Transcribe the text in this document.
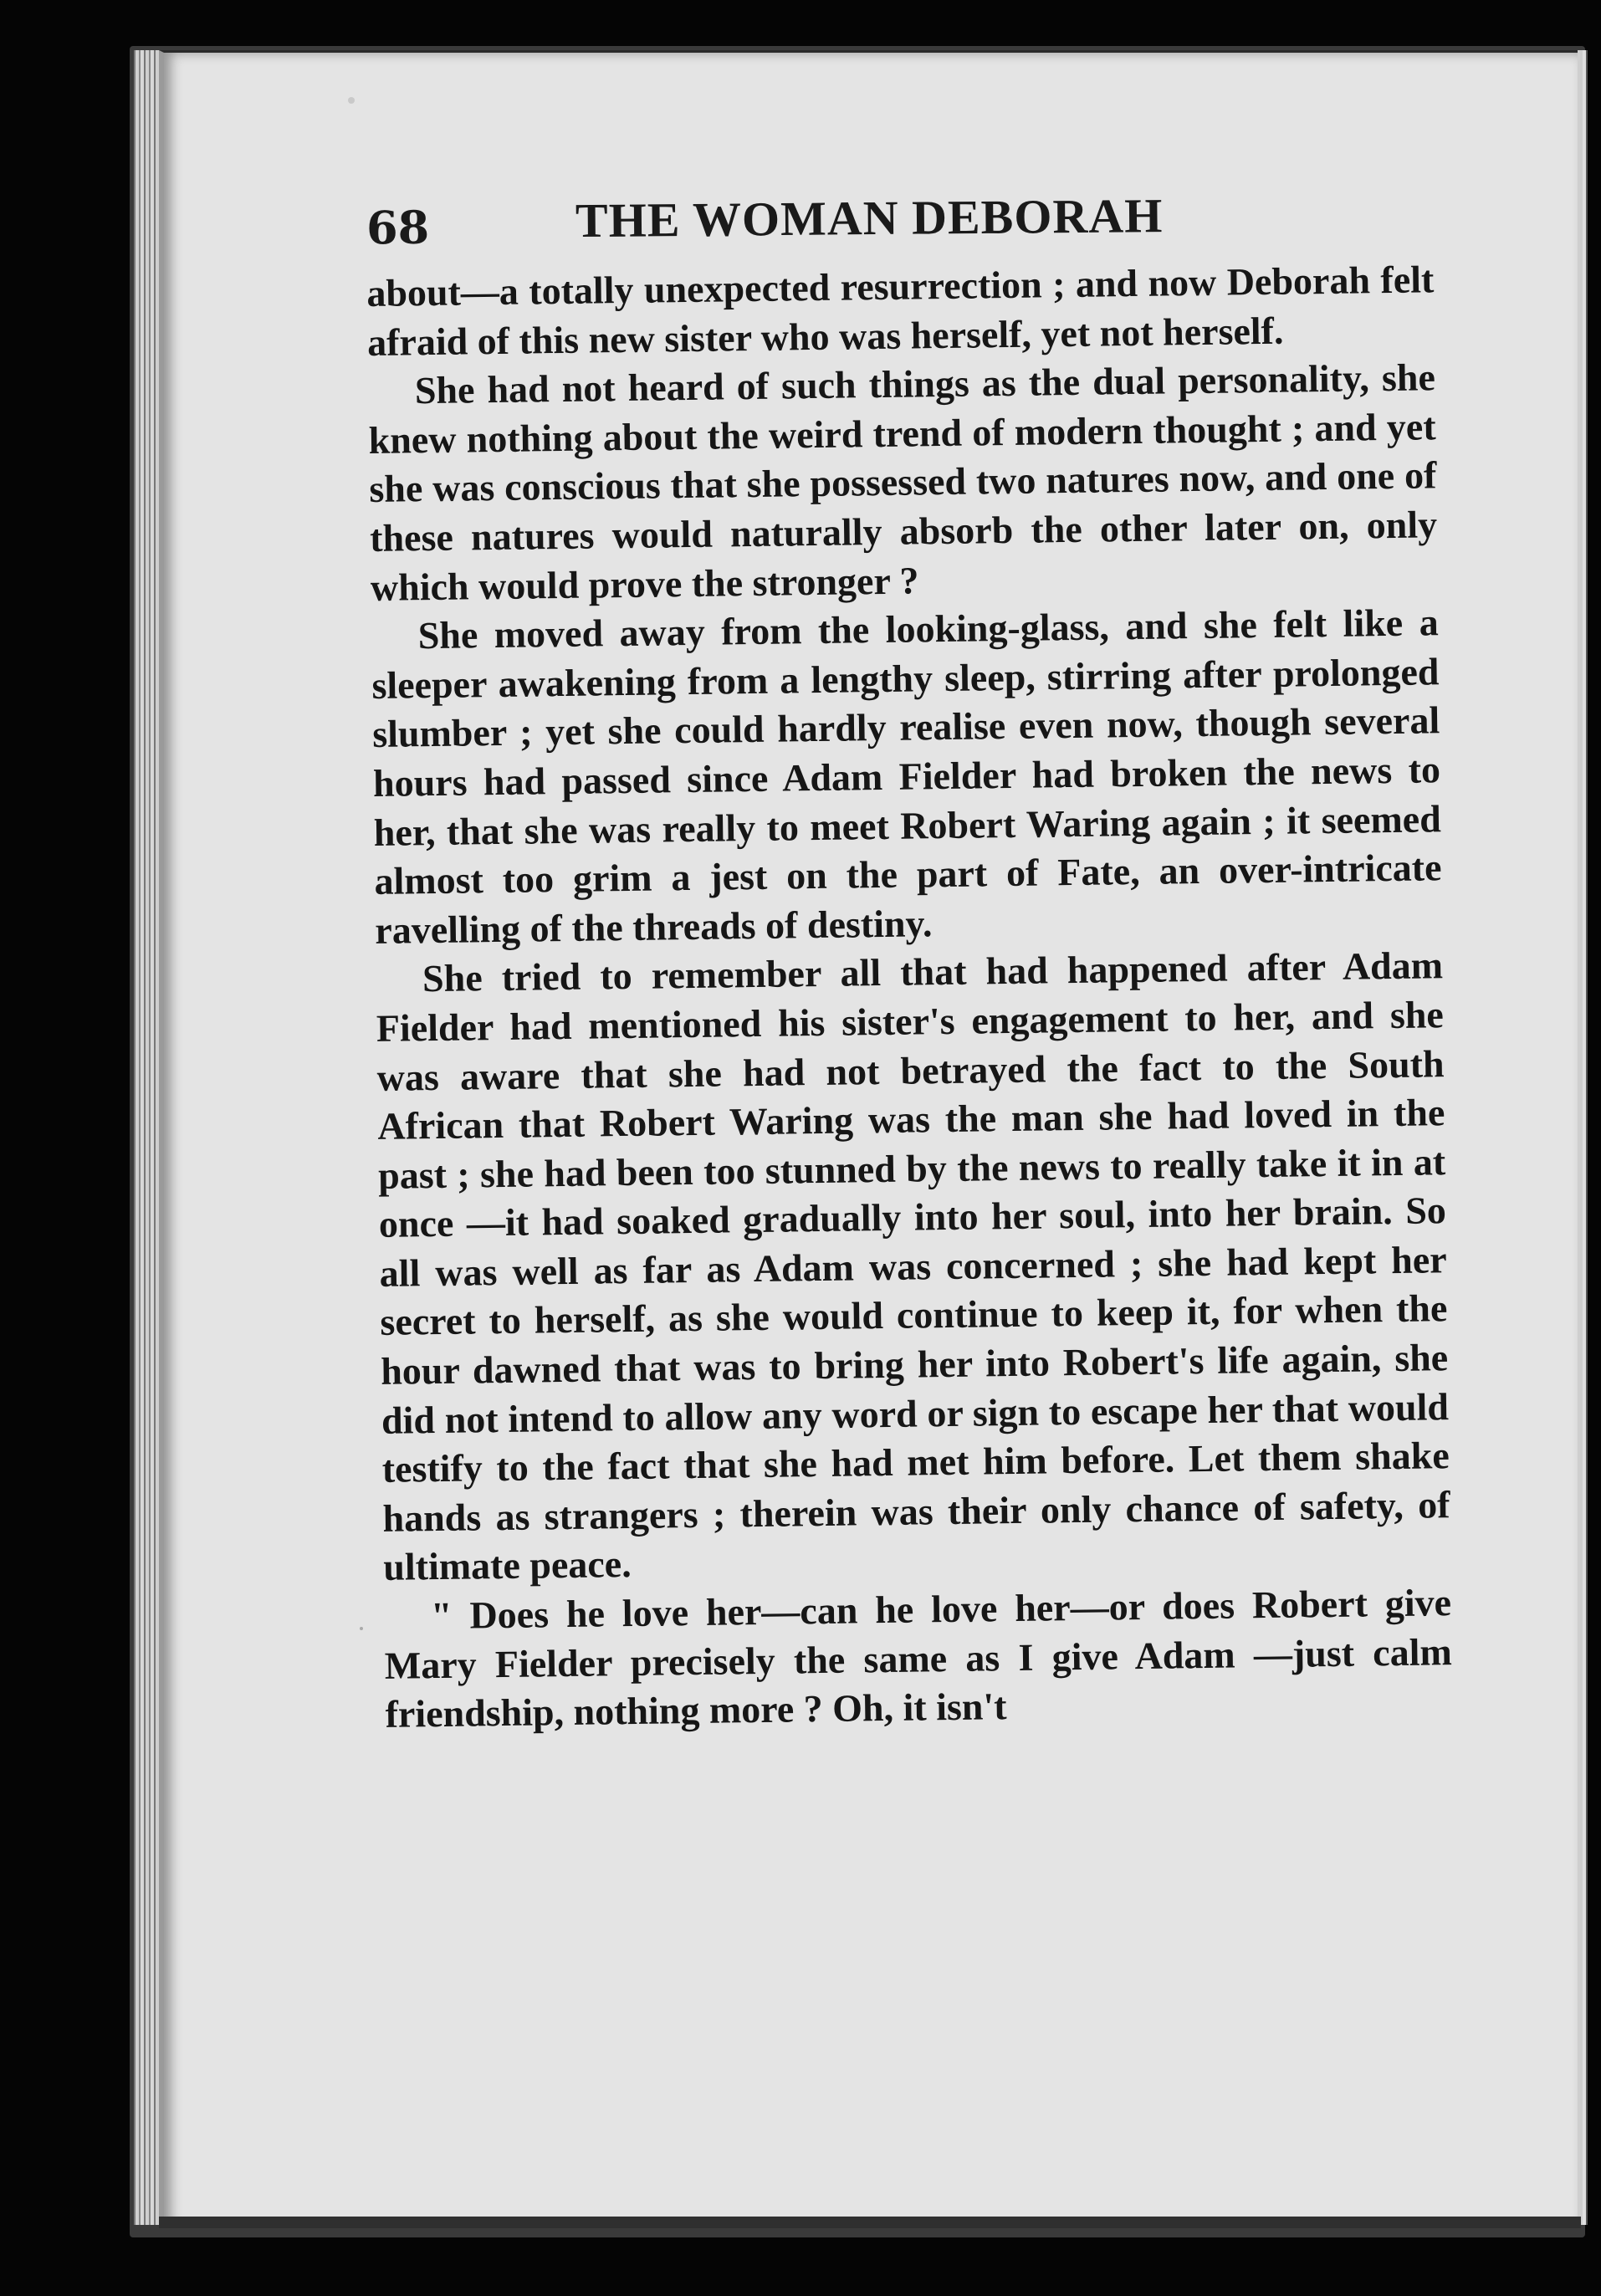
68	THE WOMAN DEBORAH

about—a totally unexpected resurrection ; and now Deborah felt afraid of this new sister who was herself, yet not herself.

She had not heard of such things as the dual personality, she knew nothing about the weird trend of modern thought ; and yet she was conscious that she possessed two natures now, and one of these natures would naturally absorb the other later on, only which would prove the stronger ?

She moved away from the looking-glass, and she felt like a sleeper awakening from a lengthy sleep, stirring after prolonged slumber ; yet she could hardly realise even now, though several hours had passed since Adam Fielder had broken the news to her, that she was really to meet Robert Waring again ; it seemed almost too grim a jest on the part of Fate, an over-intricate ravelling of the threads of destiny.

She tried to remember all that had happened after Adam Fielder had mentioned his sister's engagement to her, and she was aware that she had not betrayed the fact to the South African that Robert Waring was the man she had loved in the past ; she had been too stunned by the news to really take it in at once —it had soaked gradually into her soul, into her brain. So all was well as far as Adam was concerned ; she had kept her secret to herself, as she would continue to keep it, for when the hour dawned that was to bring her into Robert's life again, she did not intend to allow any word or sign to escape her that would testify to the fact that she had met him before. Let them shake hands as strangers ; therein was their only chance of safety, of ultimate peace.

" Does he love her—can he love her—or does Robert give Mary Fielder precisely the same as I give Adam —just calm friendship, nothing more ? Oh, it isn't
